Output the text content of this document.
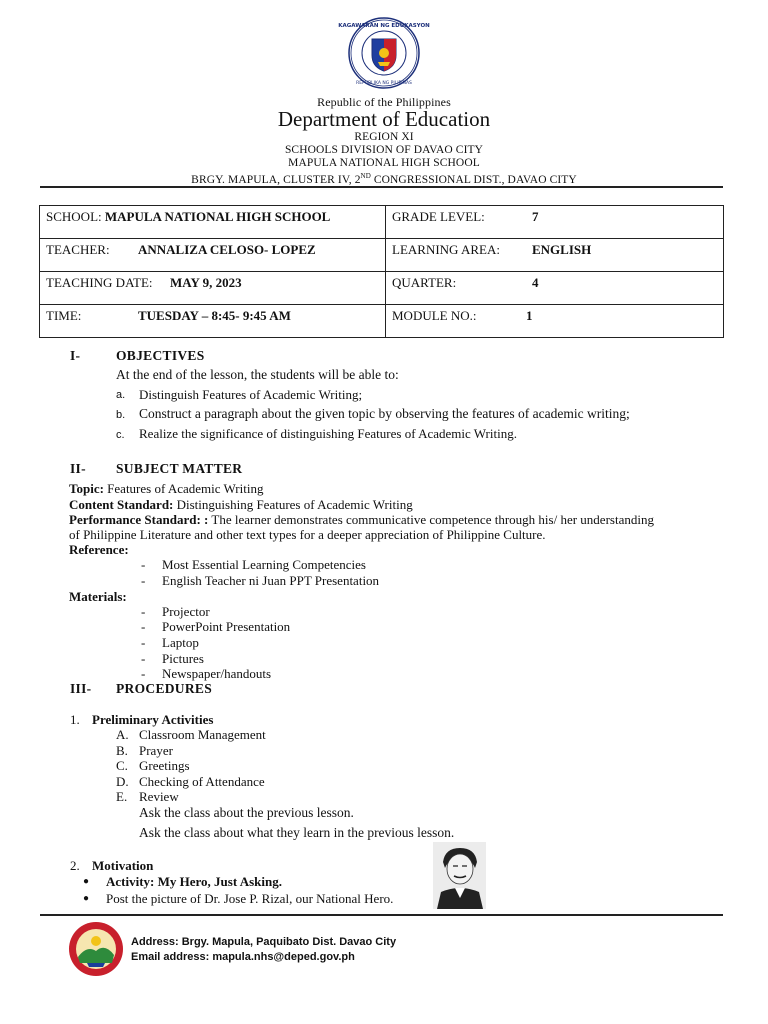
KAGAWARAN NG EDUKASYON
REPUBLIKA NG PILIPINAS
Republic of the Philippines
Department of Education
REGION XI
SCHOOLS DIVISION OF DAVAO CITY
MAPULA NATIONAL HIGH SCHOOL
BRGY. MAPULA, CLUSTER IV, 2ND CONGRESSIONAL DIST., DAVAO CITY
SCHOOL: MAPULA NATIONAL HIGH SCHOOL	GRADE LEVEL: 7
TEACHER: ANNALIZA CELOSO- LOPEZ	LEARNING AREA: ENGLISH
TEACHING DATE: MAY 9, 2023	QUARTER: 4
TIME: TUESDAY – 8:45- 9:45 AM	MODULE NO.: 1
I-	OBJECTIVES
At the end of the lesson, the students will be able to:
a. Distinguish Features of Academic Writing;
b. Construct a paragraph about the given topic by observing the features of academic writing;
c. Realize the significance of distinguishing Features of Academic Writing.
II- SUBJECT MATTER
Topic: Features of Academic Writing
Content Standard: Distinguishing Features of Academic Writing
Performance Standard: : The learner demonstrates communicative competence through his/ her understanding
of Philippine Literature and other text types for a deeper appreciation of Philippine Culture.
Reference:
- Most Essential Learning Competencies
- English Teacher ni Juan PPT Presentation
Materials:
- Projector
- PowerPoint Presentation
- Laptop
- Pictures
- Newspaper/handouts
III- PROCEDURES
1. Preliminary Activities
A. Classroom Management
B. Prayer
C. Greetings
D. Checking of Attendance
E. Review
Ask the class about the previous lesson.
Ask the class about what they learn in the previous lesson.
2. Motivation
● Activity: My Hero, Just Asking.
● Post the picture of Dr. Jose P. Rizal, our National Hero.
Address: Brgy. Mapula, Paquibato Dist. Davao City
Email address: mapula.nhs@deped.gov.ph
